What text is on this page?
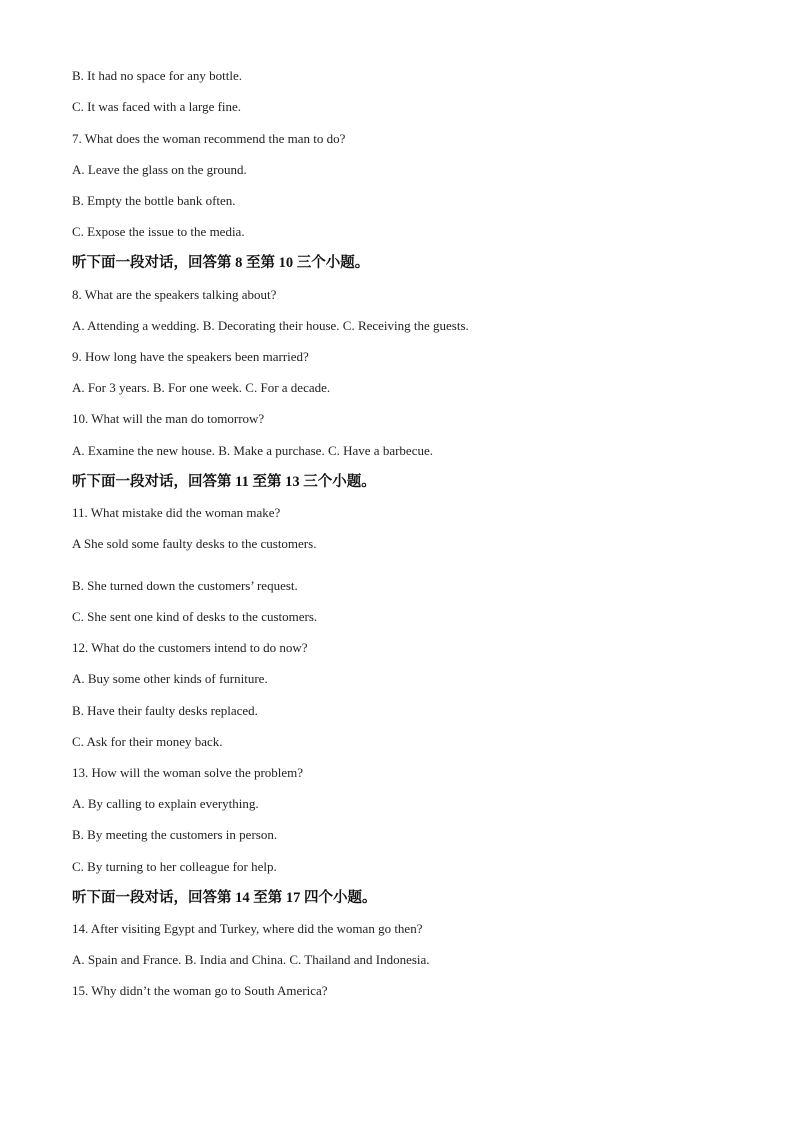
B. It had no space for any bottle.
C. It was faced with a large fine.
7. What does the woman recommend the man to do?
A. Leave the glass on the ground.
B. Empty the bottle bank often.
C. Expose the issue to the media.
听下面一段对话，回答第 8 至第 10 三个小题。
8. What are the speakers talking about?
A. Attending a wedding. B. Decorating their house. C. Receiving the guests.
9. How long have the speakers been married?
A. For 3 years. B. For one week. C. For a decade.
10. What will the man do tomorrow?
A. Examine the new house. B. Make a purchase. C. Have a barbecue.
听下面一段对话，回答第 11 至第 13 三个小题。
11. What mistake did the woman make?
A She sold some faulty desks to the customers.
B. She turned down the customers’ request.
C. She sent one kind of desks to the customers.
12. What do the customers intend to do now?
A. Buy some other kinds of furniture.
B. Have their faulty desks replaced.
C. Ask for their money back.
13. How will the woman solve the problem?
A. By calling to explain everything.
B. By meeting the customers in person.
C. By turning to her colleague for help.
听下面一段对话，回答第 14 至第 17 四个小题。
14. After visiting Egypt and Turkey, where did the woman go then?
A. Spain and France. B. India and China. C. Thailand and Indonesia.
15. Why didn’t the woman go to South America?
